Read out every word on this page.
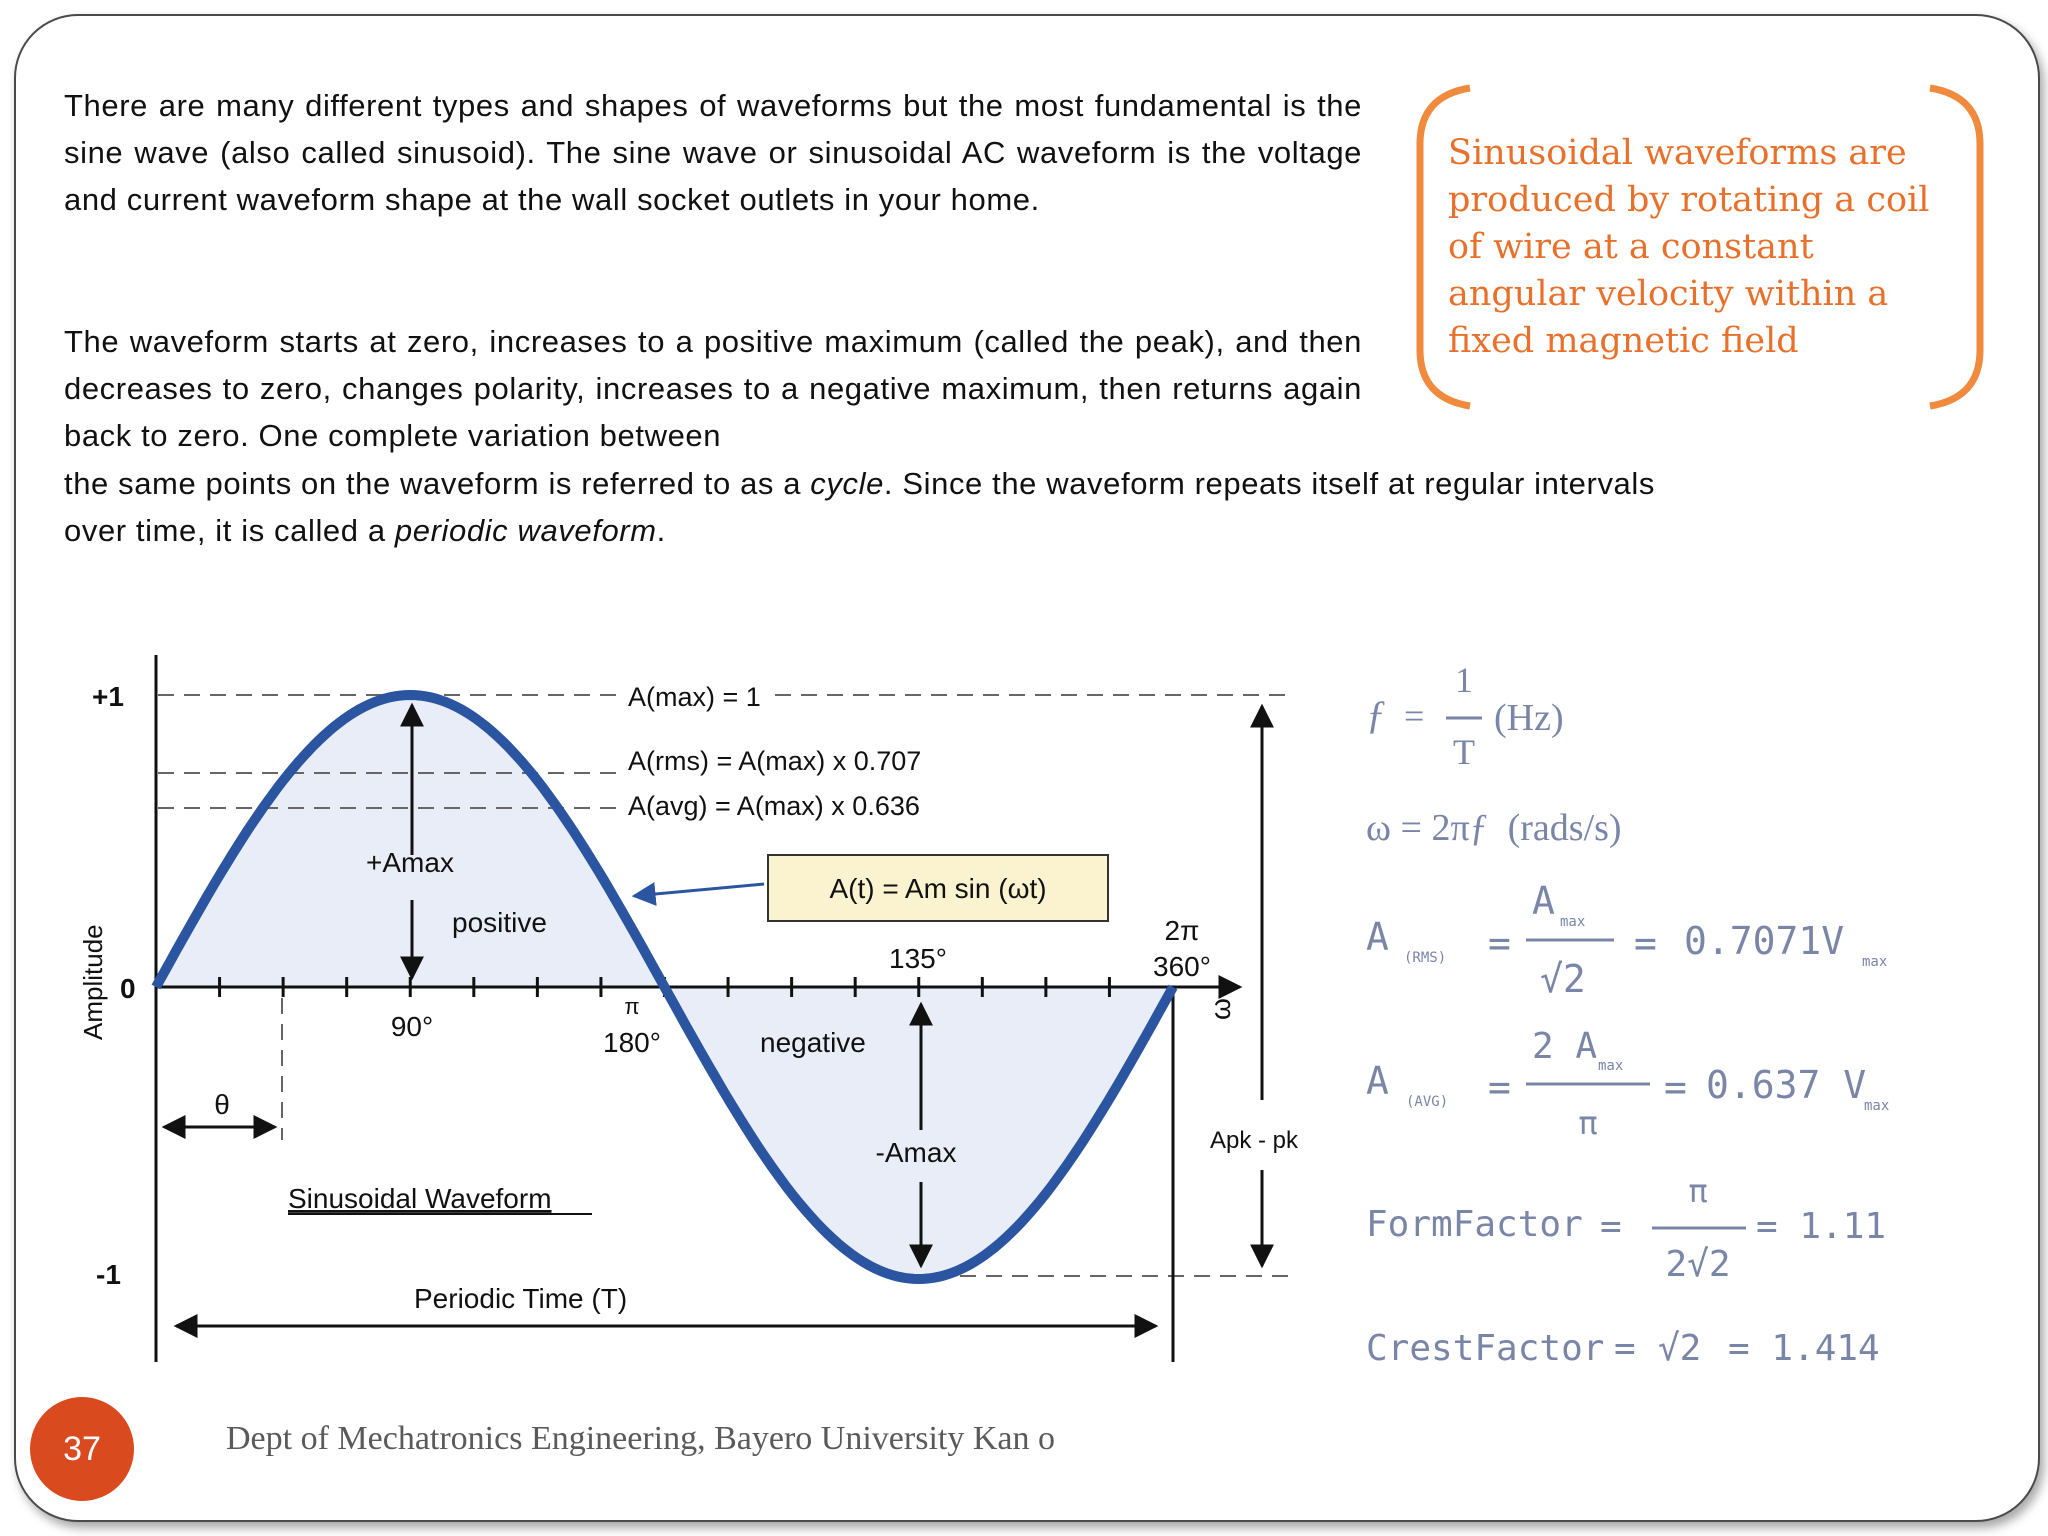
There are many different types and shapes of waveforms but the most fundamental is the sine wave (also called sinusoid). The sine wave or sinusoidal AC waveform is the voltage and current waveform shape at the wall socket outlets in your home.

The waveform starts at zero, increases to a positive maximum (called the peak), and then decreases to zero, changes polarity, increases to a negative maximum, then returns again back to zero. One complete variation between

the same points on the waveform is referred to as a cycle. Since the waveform repeats itself at regular intervals
over time, it is called a periodic waveform.

Sinusoidal waveforms are
produced by rotating a coil
of wire at a constant
angular velocity within a
fixed magnetic field
+1
0
-1
Amplitude
A(max) = 1
A(rms) = A(max) x 0.707
A(avg) = A(max) x 0.636
A(t) = Am sin (ωt)
+Amax
positive
negative
-Amax
90°
π
180°
135°
2π
360°
ω
θ
Apk - pk
Sinusoidal Waveform
Periodic Time (T)
ƒ =
1
T
(Hz)
ω = 2πƒ  (rads/s)
A (RMS) =
A max
√2
= 0.7071V max
A (AVG) =
2 A max
π
= 0.637 V
max
FormFactor =
π
2√2
= 1.11
CrestFactor = √2 = 1.414
37	Dept of Mechatronics Engineering, Bayero University Kan o
